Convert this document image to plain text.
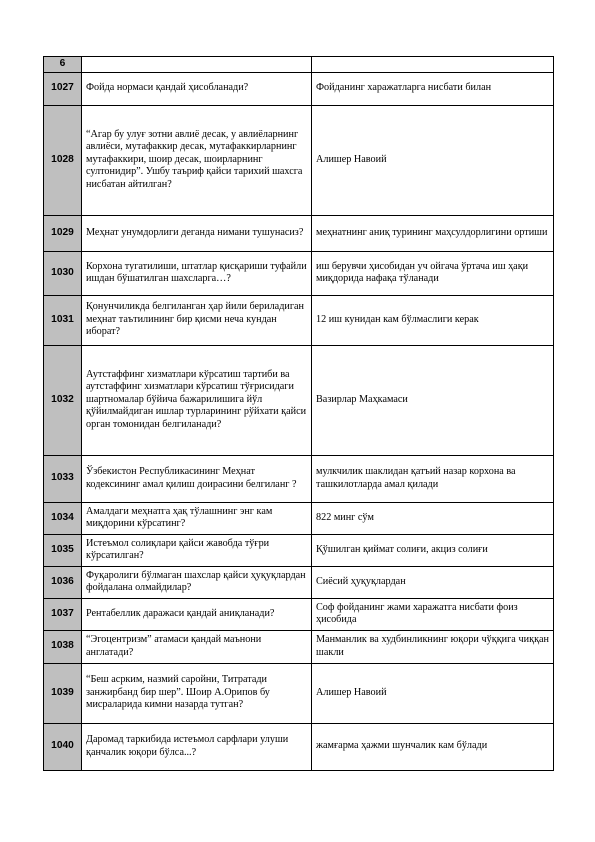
6		
1027	Фойда нормаси қандай ҳисобланади?	Фойданинг харажатларга нисбати билан
1028	“Агар бу улуғ зотни авлиё десак, у авлиёларнинг авлиёси, мутафаккир десак, мутафаккирларнинг мутафаккири, шоир десак, шоирларнинг султонидир”. Ушбу таъриф қайси тарихий шахсга нисбатан айтилган?	Алишер Навоий
1029	Меҳнат унумдорлиги деганда нимани тушунасиз?	меҳнатнинг аниқ турининг маҳсулдорлигини ортиши
1030	Корхона тугатилиши, штатлар қисқариши туфайли ишдан бўшатилган шахсларга…?	иш берувчи ҳисобидан уч ойгача ўртача иш ҳақи миқдорида нафақа тўланади
1031	Қонунчиликда белгиланган ҳар йили бериладиган меҳнат таътилининг бир қисми неча кундан иборат?	12 иш кунидан кам бўлмаслиги керак
1032	Аутстаффинг хизматлари кўрсатиш тартиби ва аутстаффинг хизматлари кўрсатиш тўғрисидаги шартномалар бўйича бажарилишига йўл қўйилмайдиган ишлар турларининг рўйхати қайси орган томонидан белгиланади?	Вазирлар Маҳкамаси
1033	Ўзбекистон Республикасининг Меҳнат кодексининг амал қилиш доирасини белгиланг ?	мулкчилик шаклидан қатъий назар корхона ва ташкилотларда амал қилади
1034	Амалдаги меҳнатга ҳақ тўлашнинг энг кам миқдорини кўрсатинг?	822 минг сўм
1035	Истеъмол солиқлари қайси жавобда тўғри кўрсатилган?	Қўшилган қиймат солиғи, акциз солиғи
1036	Фуқаролиги бўлмаган шахслар қайси ҳуқуқлардан фойдалана олмайдилар?	Сиёсий ҳуқуқлардан
1037	Рентабеллик даражаси қандай аниқланади?	Соф фойданинг жами харажатга нисбати фоиз ҳисобида
1038	“Эгоцентризм” атамаси қандай маънони англатади?	Манманлик ва худбинликнинг юқори чўққига чиққан шакли
1039	“Беш асрким, назмий саройни, Титратади занжирбанд бир шер”. Шоир А.Орипов бу мисраларида кимни назарда тутган?	Алишер Навоий
1040	Даромад таркибида истеъмол сарфлари улуши қанчалик юқори бўлса...?	жамғарма ҳажми шунчалик кам бўлади
